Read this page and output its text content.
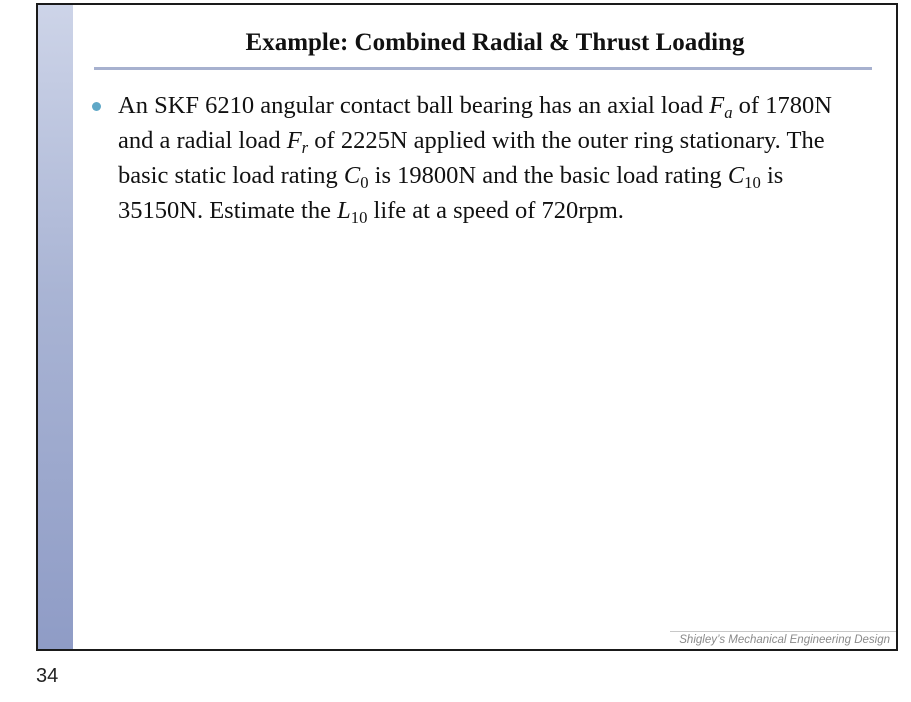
Example: Combined Radial & Thrust Loading
An SKF 6210 angular contact ball bearing has an axial load $F_a$ of 1780N and a radial load $F_r$ of 2225N applied with the outer ring stationary. The basic static load rating $C_0$ is 19800N and the basic load rating $C_{10}$ is 35150N. Estimate the $L_{10}$ life at a speed of 720rpm.
Shigley’s Mechanical Engineering Design
34
